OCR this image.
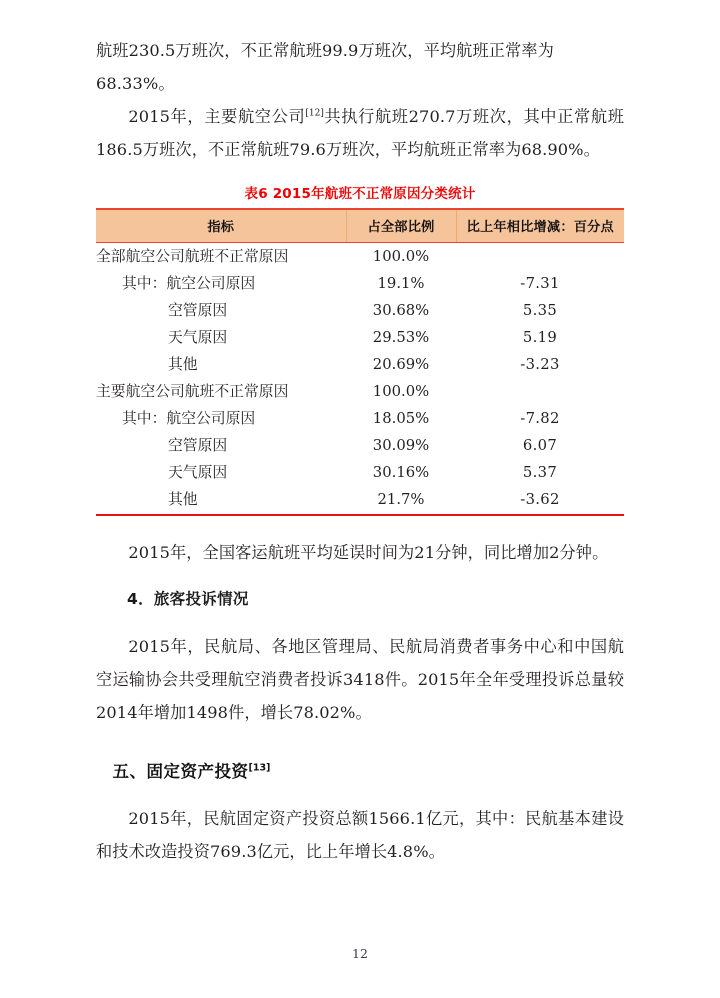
航班230.5万班次，不正常航班99.9万班次，平均航班正常率为
68.33%。

2015年，主要航空公司[12]共执行航班270.7万班次，其中正常航班186.5万班次，不正常航班79.6万班次，平均航班正常率为68.90%。

表6 2015年航班不正常原因分类统计
指标	占全部比例	比上年相比增减：百分点
全部航空公司航班不正常原因	100.0%	
其中：航空公司原因	19.1%	-7.31
空管原因	30.68%	5.35
天气原因	29.53%	5.19
其他	20.69%	-3.23
主要航空公司航班不正常原因	100.0%	
其中：航空公司原因	18.05%	-7.82
空管原因	30.09%	6.07
天气原因	30.16%	5.37
其他	21.7%	-3.62

2015年，全国客运航班平均延误时间为21分钟，同比增加2分钟。

4．旅客投诉情况

2015年，民航局、各地区管理局、民航局消费者事务中心和中国航空运输协会共受理航空消费者投诉3418件。2015年全年受理投诉总量较2014年增加1498件，增长78.02%。

五、固定资产投资[13]

2015年，民航固定资产投资总额1566.1亿元，其中：民航基本建设和技术改造投资769.3亿元，比上年增长4.8%。

12
